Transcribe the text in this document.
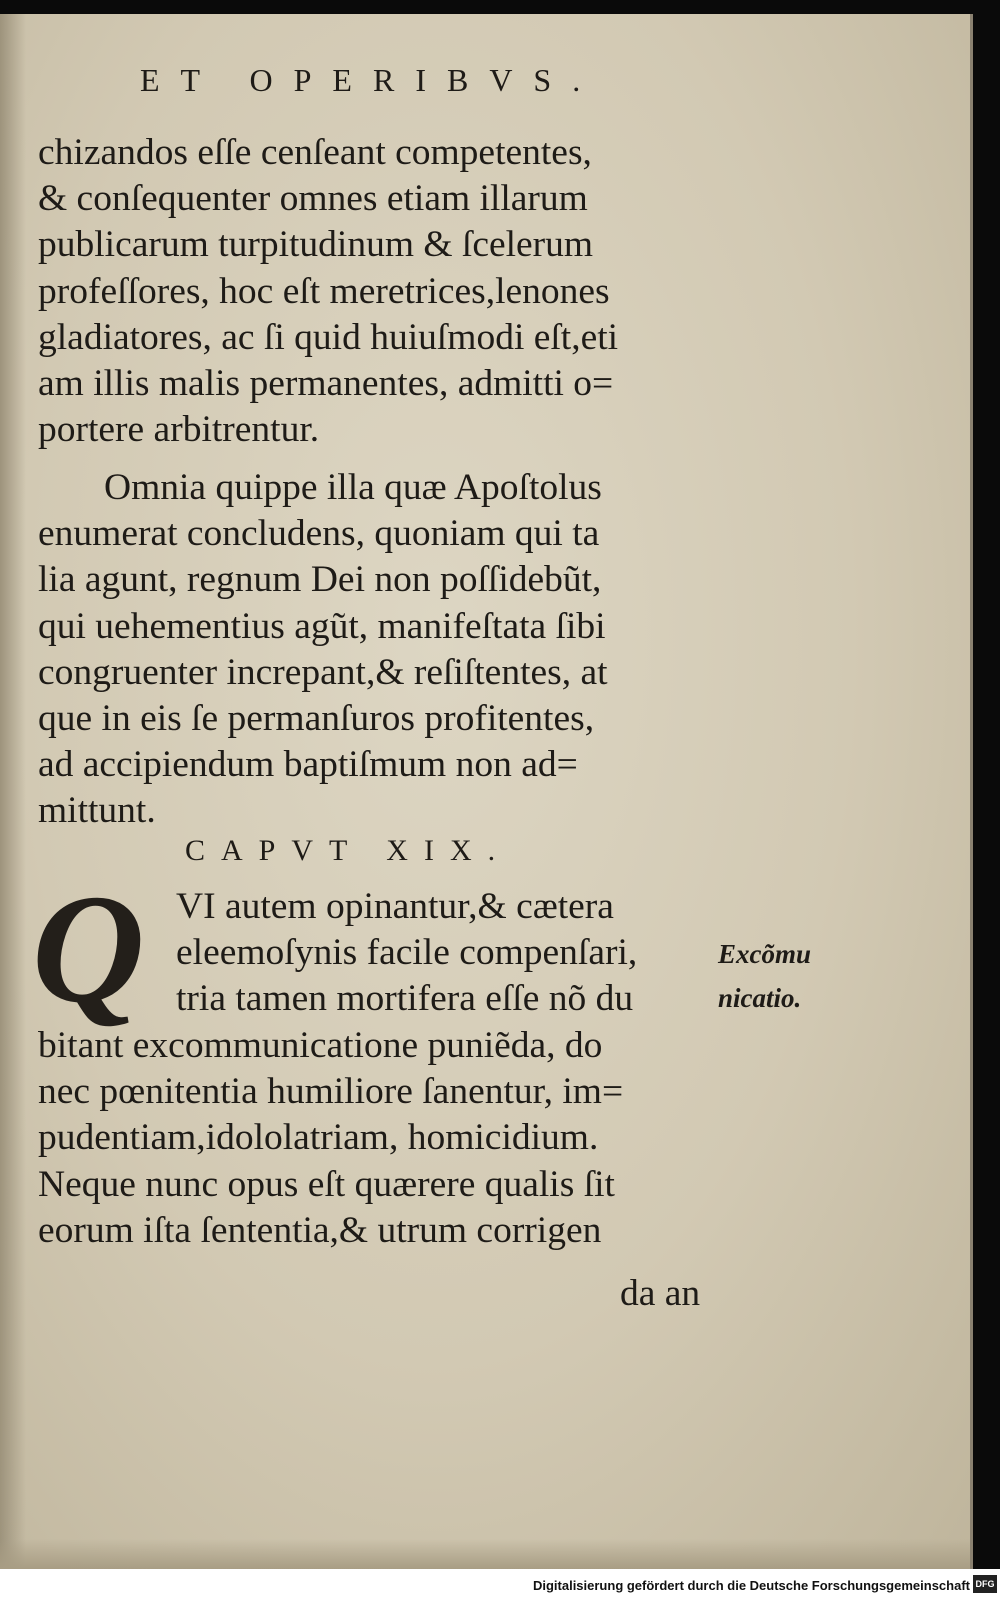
ET OPERIBVS.
chizandos eſſe cenſeant competentes,
& conſequenter omnes etiam illarum
publicarum turpitudinum & ſcelerum
profeſſores, hoc eſt meretrices,lenones
gladiatores, ac ſi quid huiuſmodi eſt,eti
am illis malis permanentes, admitti o=
portere arbitrentur.
Omnia quippe illa quæ Apoſtolus
enumerat concludens, quoniam qui ta
lia agunt, regnum Dei non poſſidebũt,
qui uehementius agũt, manifeſtata ſibi
congruenter increpant,& reſiſtentes, at
que in eis ſe permanſuros profitentes,
ad accipiendum baptiſmum non ad=
mittunt.
CAPVT XIX.
Q VI autem opinantur,& cætera
eleemoſynis facile compenſari,
tria tamen mortifera eſſe nõ du
Excõmu
nicatio.
bitant excommunicatione puniẽda, do
nec pœnitentia humiliore ſanentur, im=
pudentiam,idololatriam, homicidium.
Neque nunc opus eſt quærere qualis ſit
eorum iſta ſententia,& utrum corrigen
da an
Digitalisierung gefördert durch die Deutsche Forschungsgemeinschaft DFG
